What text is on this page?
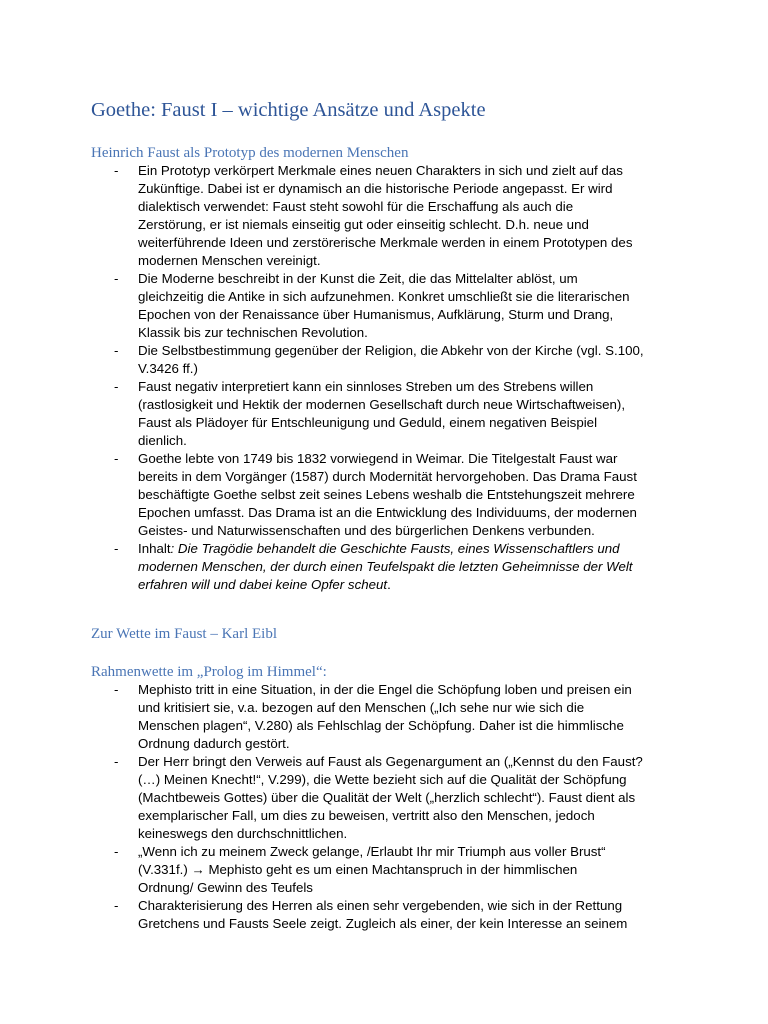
Goethe: Faust I – wichtige Ansätze und Aspekte
Heinrich Faust als Prototyp des modernen Menschen
- Ein Prototyp verkörpert Merkmale eines neuen Charakters in sich und zielt auf das
Zukünftige. Dabei ist er dynamisch an die historische Periode angepasst. Er wird
dialektisch verwendet: Faust steht sowohl für die Erschaffung als auch die
Zerstörung, er ist niemals einseitig gut oder einseitig schlecht. D.h. neue und
weiterführende Ideen und zerstörerische Merkmale werden in einem Prototypen des
modernen Menschen vereinigt.
- Die Moderne beschreibt in der Kunst die Zeit, die das Mittelalter ablöst, um
gleichzeitig die Antike in sich aufzunehmen. Konkret umschließt sie die literarischen
Epochen von der Renaissance über Humanismus, Aufklärung, Sturm und Drang,
Klassik bis zur technischen Revolution.
- Die Selbstbestimmung gegenüber der Religion, die Abkehr von der Kirche (vgl. S.100,
V.3426 ff.)
- Faust negativ interpretiert kann ein sinnloses Streben um des Strebens willen
(rastlosigkeit und Hektik der modernen Gesellschaft durch neue Wirtschaftweisen),
Faust als Plädoyer für Entschleunigung und Geduld, einem negativen Beispiel
dienlich.
- Goethe lebte von 1749 bis 1832 vorwiegend in Weimar. Die Titelgestalt Faust war
bereits in dem Vorgänger (1587) durch Modernität hervorgehoben. Das Drama Faust
beschäftigte Goethe selbst zeit seines Lebens weshalb die Entstehungszeit mehrere
Epochen umfasst. Das Drama ist an die Entwicklung des Individuums, der modernen
Geistes- und Naturwissenschaften und des bürgerlichen Denkens verbunden.
- Inhalt: Die Tragödie behandelt die Geschichte Fausts, eines Wissenschaftlers und
modernen Menschen, der durch einen Teufelspakt die letzten Geheimnisse der Welt
erfahren will und dabei keine Opfer scheut.
Zur Wette im Faust – Karl Eibl
Rahmenwette im „Prolog im Himmel“:
- Mephisto tritt in eine Situation, in der die Engel die Schöpfung loben und preisen ein
und kritisiert sie, v.a. bezogen auf den Menschen („Ich sehe nur wie sich die
Menschen plagen“, V.280) als Fehlschlag der Schöpfung. Daher ist die himmlische
Ordnung dadurch gestört.
- Der Herr bringt den Verweis auf Faust als Gegenargument an („Kennst du den Faust?
(…) Meinen Knecht!“, V.299), die Wette bezieht sich auf die Qualität der Schöpfung
(Machtbeweis Gottes) über die Qualität der Welt („herzlich schlecht“). Faust dient als
exemplarischer Fall, um dies zu beweisen, vertritt also den Menschen, jedoch
keineswegs den durchschnittlichen.
- „Wenn ich zu meinem Zweck gelange, /Erlaubt Ihr mir Triumph aus voller Brust“
(V.331f.) → Mephisto geht es um einen Machtanspruch in der himmlischen
Ordnung/ Gewinn des Teufels
- Charakterisierung des Herren als einen sehr vergebenden, wie sich in der Rettung
Gretchens und Fausts Seele zeigt. Zugleich als einer, der kein Interesse an seinem
